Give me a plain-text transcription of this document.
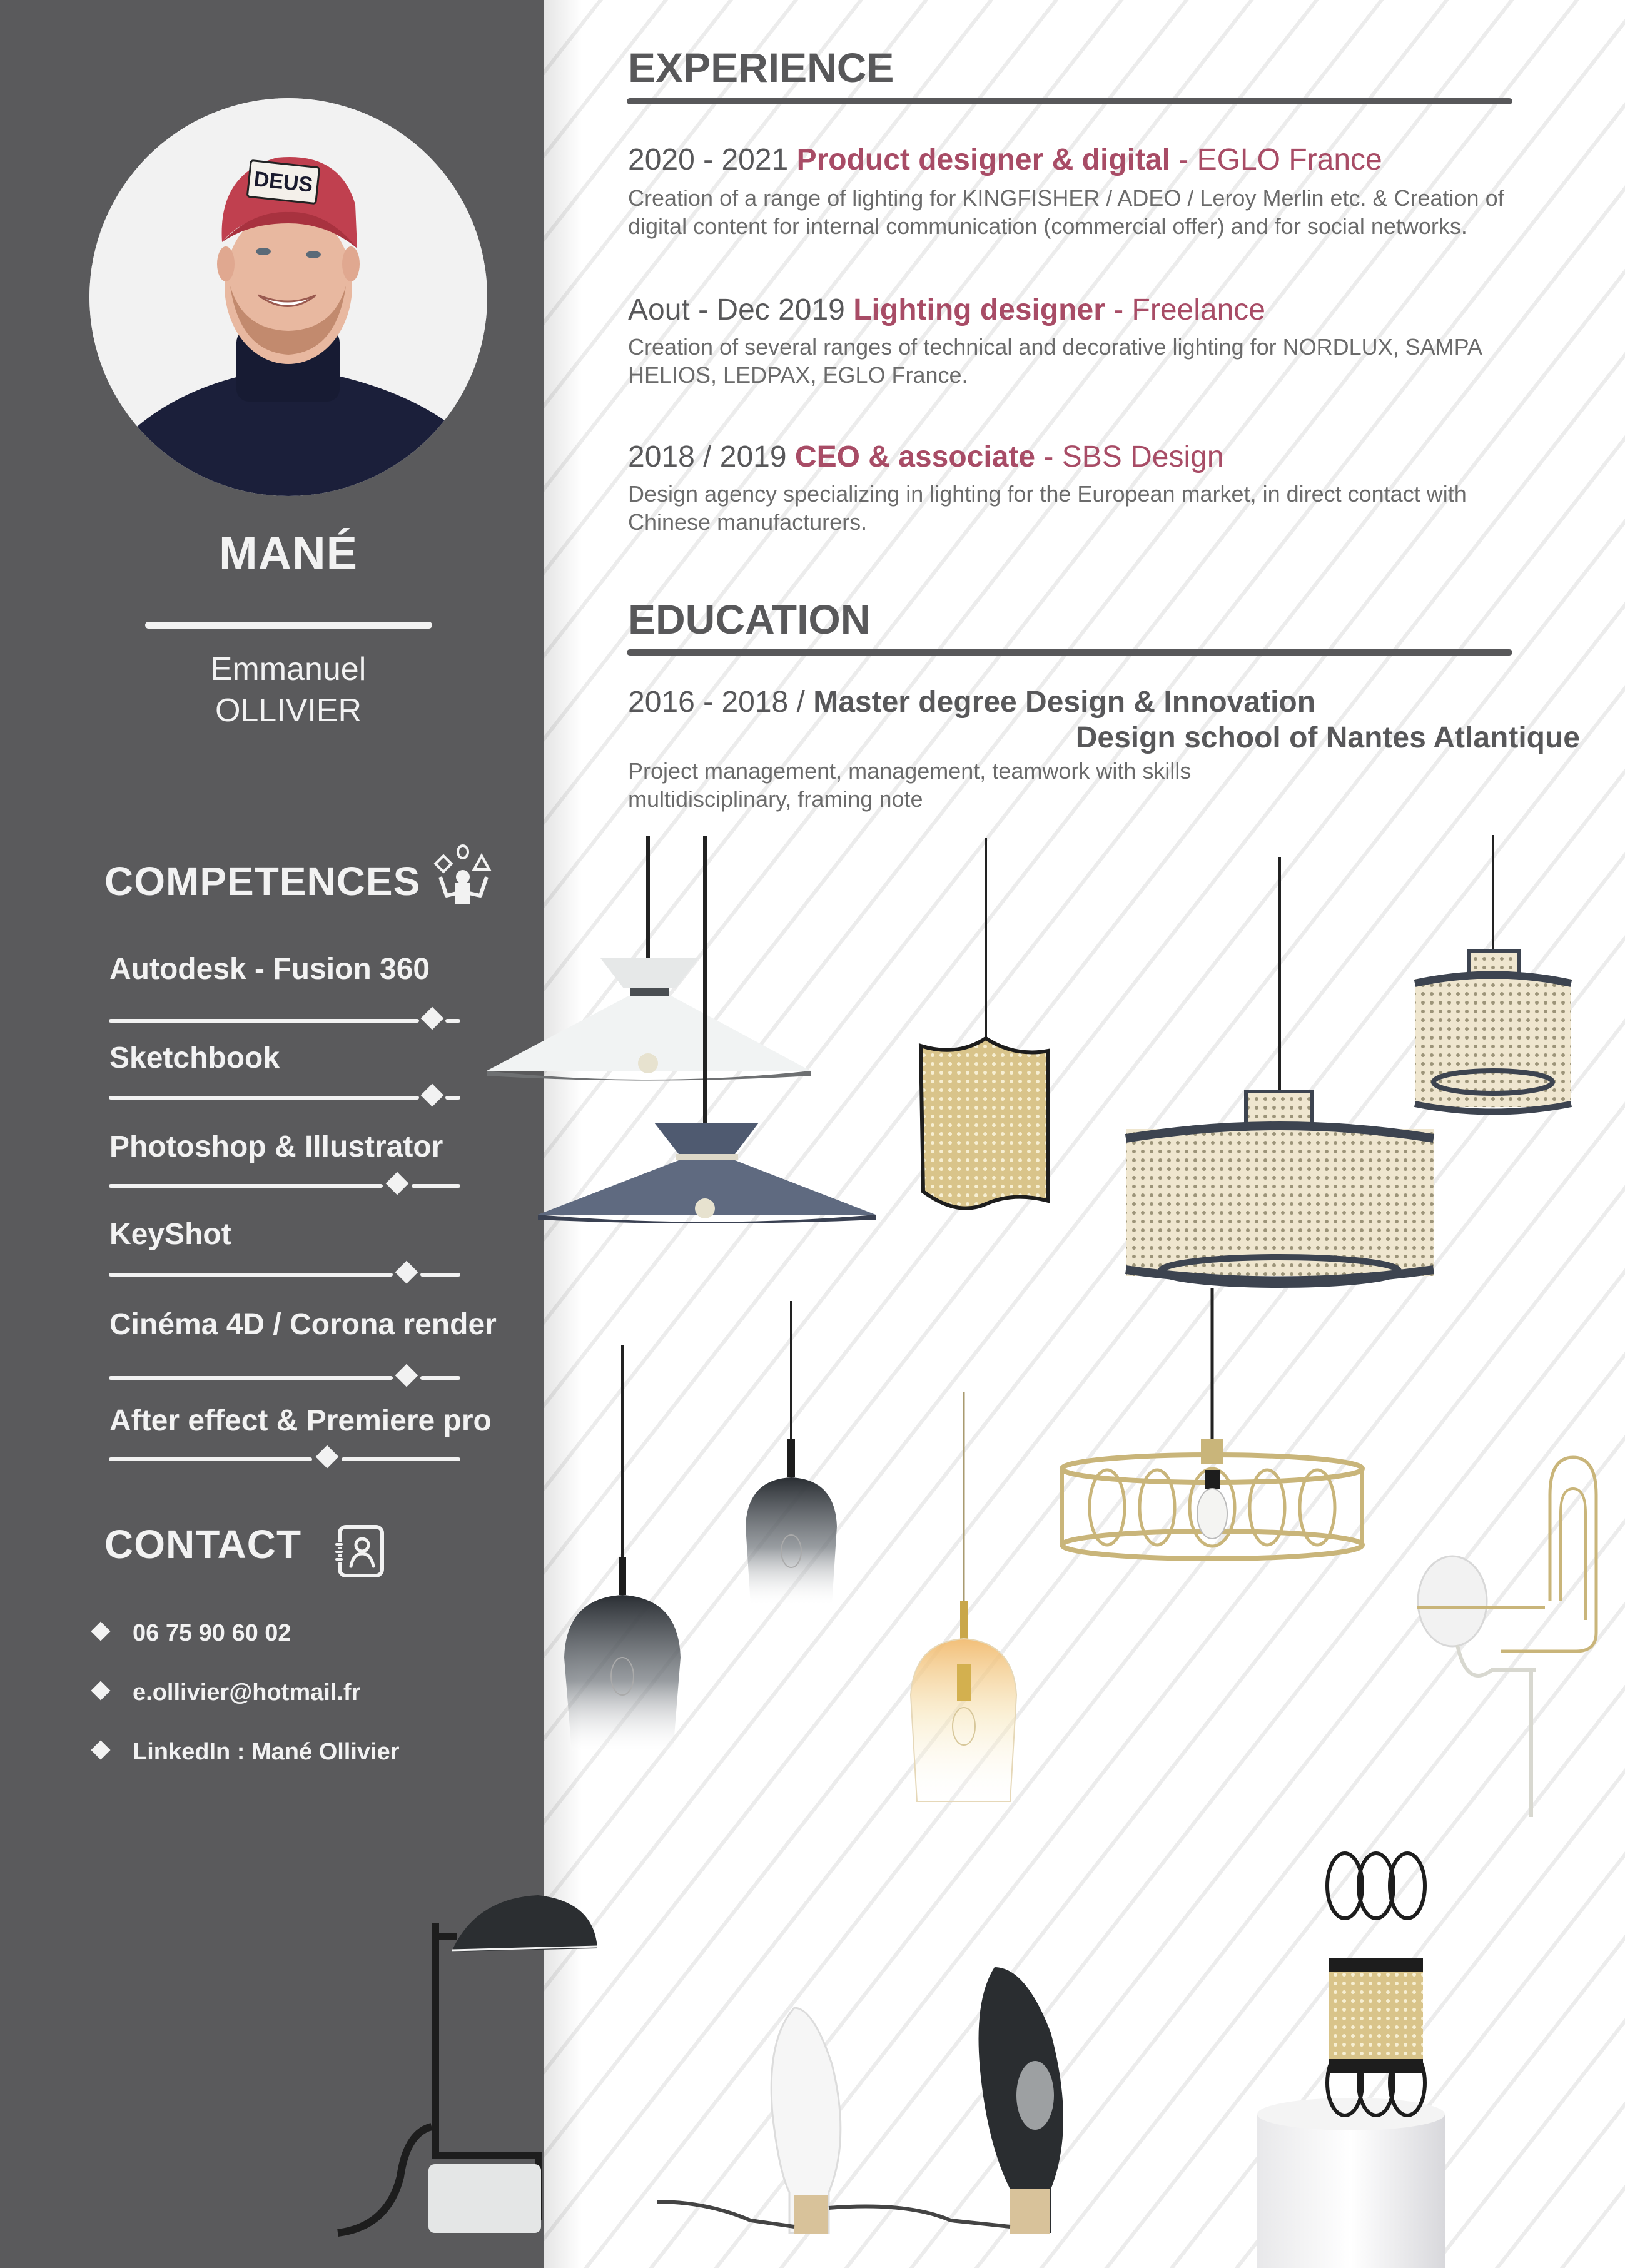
DEUS
MANÉ
Emmanuel
OLLIVIER
COMPETENCES
Autodesk - Fusion 360
Sketchbook
Photoshop & Illustrator
KeyShot
Cinéma 4D / Corona render
After effect & Premiere pro
CONTACT
06 75 90 60 02
e.ollivier@hotmail.fr
LinkedIn : Mané Ollivier
EXPERIENCE
2020 - 2021 Product designer & digital - EGLO France
Creation of a range of lighting for KINGFISHER / ADEO / Leroy Merlin etc. & Creation of digital content for internal communication (commercial offer) and for social networks.
Aout - Dec 2019 Lighting designer - Freelance
Creation of several ranges of technical and decorative lighting for NORDLUX, SAMPA HELIOS, LEDPAX, EGLO France.
2018 / 2019 CEO & associate - SBS Design
Design agency specializing in lighting for the European market, in direct contact with Chinese manufacturers.
EDUCATION
2016 - 2018 / Master degree Design & Innovation
Design school of Nantes Atlantique
Project management, management, teamwork with skills multidisciplinary, framing note
